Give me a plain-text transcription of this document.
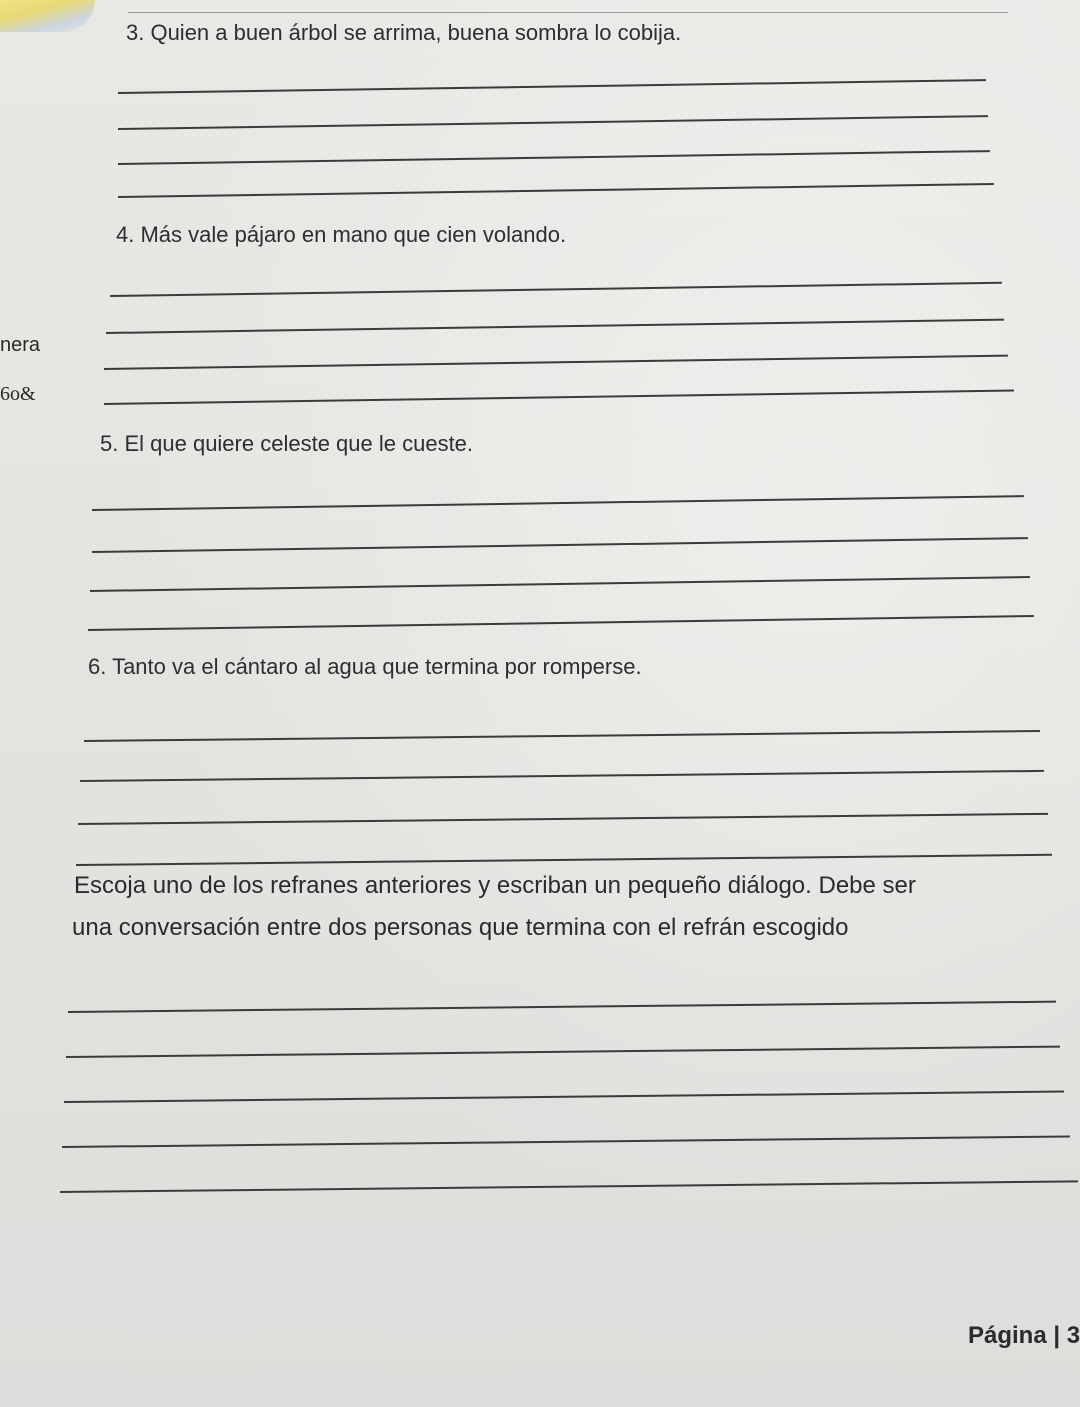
3. Quien a buen árbol se arrima, buena sombra lo cobija.
4. Más vale pájaro en mano que cien volando.
nera
6o&
5. El que quiere celeste que le cueste.
6. Tanto va el cántaro al agua que termina por romperse.
Escoja uno de los refranes anteriores y escriban un pequeño diálogo. Debe ser
una conversación entre dos personas que termina con el refrán escogido
Página | 3
